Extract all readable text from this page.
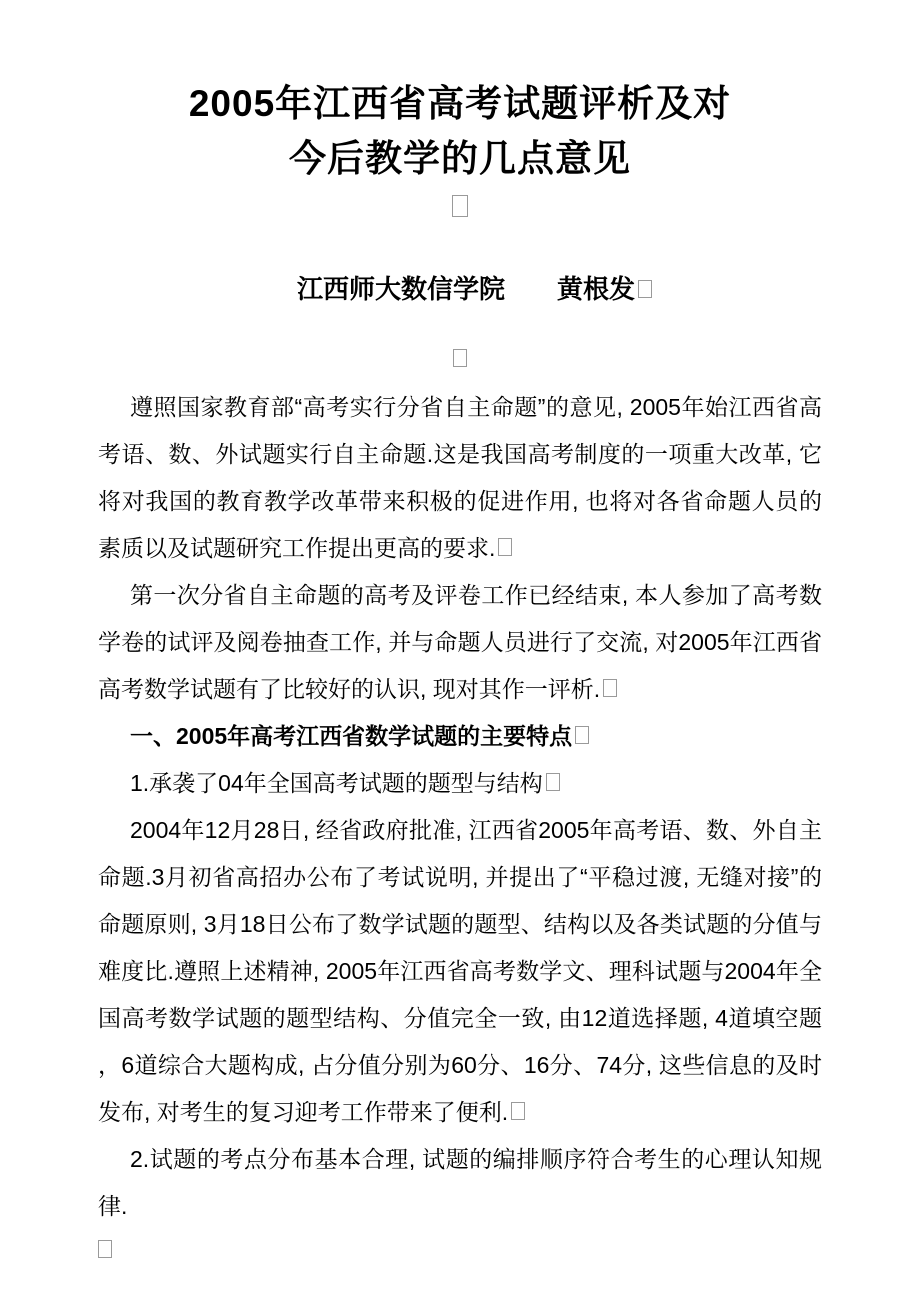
2005年江西省高考试题评析及对
今后教学的几点意见

江西师大数信学院　　黄根发

遵照国家教育部“高考实行分省自主命题”的意见, 2005年始江西省高考语、数、外试题实行自主命题.这是我国高考制度的一项重大改革, 它将对我国的教育教学改革带来积极的促进作用, 也将对各省命题人员的素质以及试题研究工作提出更高的要求.

第一次分省自主命题的高考及评卷工作已经结束, 本人参加了高考数学卷的试评及阅卷抽查工作, 并与命题人员进行了交流, 对2005年江西省高考数学试题有了比较好的认识, 现对其作一评析.

一、2005年高考江西省数学试题的主要特点

1.承袭了04年全国高考试题的题型与结构

2004年12月28日, 经省政府批准, 江西省2005年高考语、数、外自主命题.3月初省高招办公布了考试说明, 并提出了“平稳过渡, 无缝对接”的命题原则, 3月18日公布了数学试题的题型、结构以及各类试题的分值与难度比.遵照上述精神, 2005年江西省高考数学文、理科试题与2004年全国高考数学试题的题型结构、分值完全一致, 由12道选择题, 4道填空题 ，6道综合大题构成, 占分值分别为60分、16分、74分, 这些信息的及时发布, 对考生的复习迎考工作带来了便利.

2.试题的考点分布基本合理, 试题的编排顺序符合考生的心理认知规律.
